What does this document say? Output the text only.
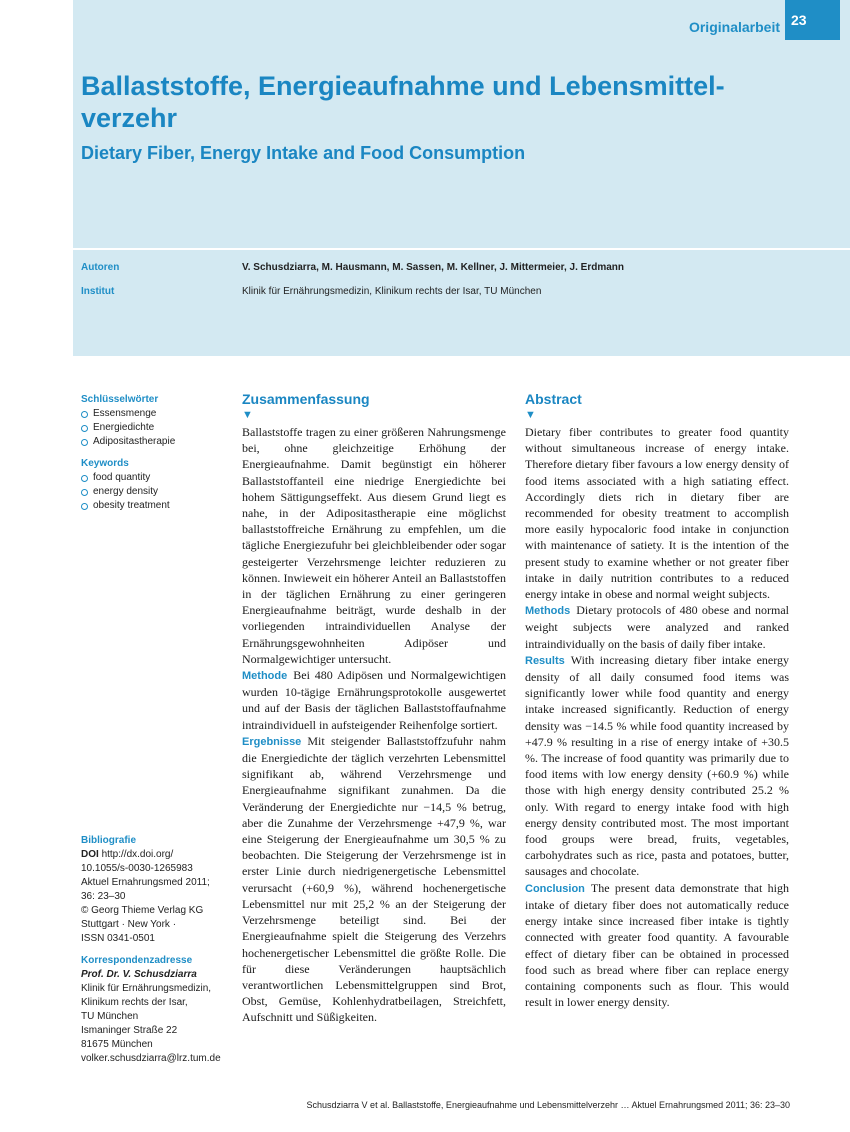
Originalarbeit 23
Ballaststoffe, Energieaufnahme und Lebensmittel-verzehr
Dietary Fiber, Energy Intake and Food Consumption
Autoren	V. Schusdziarra, M. Hausmann, M. Sassen, M. Kellner, J. Mittermeier, J. Erdmann
Institut	Klinik für Ernährungsmedizin, Klinikum rechts der Isar, TU München
Schlüsselwörter
Essensmenge
Energiedichte
Adipositastherapie
Keywords
food quantity
energy density
obesity treatment
Bibliografie
DOI http://dx.doi.org/
10.1055/s-0030-1265983
Aktuel Ernahrungsmed 2011;
36: 23–30
© Georg Thieme Verlag KG
Stuttgart · New York ·
ISSN 0341-0501
Korrespondenzadresse
Prof. Dr. V. Schusdziarra
Klinik für Ernährungsmedizin,
Klinikum rechts der Isar,
TU München
Ismaninger Straße 22
81675 München
volker.schusdziarra@lrz.tum.de
Zusammenfassung
▼

Ballaststoffe tragen zu einer größeren Nahrungsmenge bei, ohne gleichzeitige Erhöhung der Energieaufnahme. Damit begünstigt ein höherer Ballaststoffanteil eine niedrige Energiedichte bei hohem Sättigungseffekt. Aus diesem Grund liegt es nahe, in der Adipositastherapie eine möglichst ballaststoffreiche Ernährung zu empfehlen, um die tägliche Energiezufuhr bei gleichbleibender oder sogar gesteigerter Verzehrsmenge leichter reduzieren zu können. Inwieweit ein höherer Anteil an Ballaststoffen in der täglichen Ernährung zu einer geringeren Energieaufnahme beiträgt, wurde deshalb in der vorliegenden intraindividuellen Analyse der Ernährungsgewohnheiten Adipöser und Normalgewichtiger untersucht.

Methode Bei 480 Adipösen und Normalgewichtigen wurden 10-tägige Ernährungsprotokolle ausgewertet und auf der Basis der täglichen Ballaststoffaufnahme intraindividuell in aufsteigender Reihenfolge sortiert.

Ergebnisse Mit steigender Ballaststoffzufuhr nahm die Energiedichte der täglich verzehrten Lebensmittel signifikant ab, während Verzehrsmenge und Energieaufnahme signifikant zunahmen. Da die Veränderung der Energiedichte nur −14,5 % betrug, aber die Zunahme der Verzehrsmenge +47,9 %, war eine Steigerung der Energieaufnahme um 30,5 % zu beobachten. Die Steigerung der Verzehrsmenge ist in erster Linie durch niedrigenergetische Lebensmittel verursacht (+60,9 %), während hochenergetische Lebensmittel nur mit 25,2 % an der Steigerung der Verzehrsmenge beteiligt sind. Bei der Energieaufnahme spielt die Steigerung des Verzehrs hochenergetischer Lebensmittel die größte Rolle. Die für diese Veränderungen hauptsächlich verantwortlichen Lebensmittelgruppen sind Brot, Obst, Gemüse, Kohlenhydratbeilagen, Streichfett, Aufschnitt und Süßigkeiten.

Abstract
▼

Dietary fiber contributes to greater food quantity without simultaneous increase of energy intake. Therefore dietary fiber favours a low energy density of food items associated with a high satiating effect. Accordingly diets rich in dietary fiber are recommended for obesity treatment to accomplish more easily hypocaloric food intake in conjunction with maintenance of satiety. It is the intention of the present study to examine whether or not greater fiber intake in daily nutrition contributes to a reduced energy intake in obese and normal weight subjects.

Methods Dietary protocols of 480 obese and normal weight subjects were analyzed and ranked intraindividually on the basis of daily fiber intake.

Results With increasing dietary fiber intake energy density of all daily consumed food items was significantly lower while food quantity and energy intake increased significantly. Reduction of energy density was −14.5 % while food quantity increased by +47.9 % resulting in a rise of energy intake of +30.5 %. The increase of food quantity was primarily due to food items with low energy density (+60.9 %) while those with high energy density contributed 25.2 % only. With regard to energy intake food with high energy density contributed most. The most important food groups were bread, fruits, vegetables, carbohydrates such as rice, pasta and potatoes, butter, sausages and chocolate.

Conclusion The present data demonstrate that high intake of dietary fiber does not automatically reduce energy intake since increased fiber intake is tightly connected with greater food quantity. A favourable effect of dietary fiber can be obtained in processed food such as bread where fiber can replace energy containing components such as flour. This would result in lower energy density.

Schusdziarra V et al. Ballaststoffe, Energieaufnahme und Lebensmittelverzehr … Aktuel Ernahrungsmed 2011; 36: 23–30
